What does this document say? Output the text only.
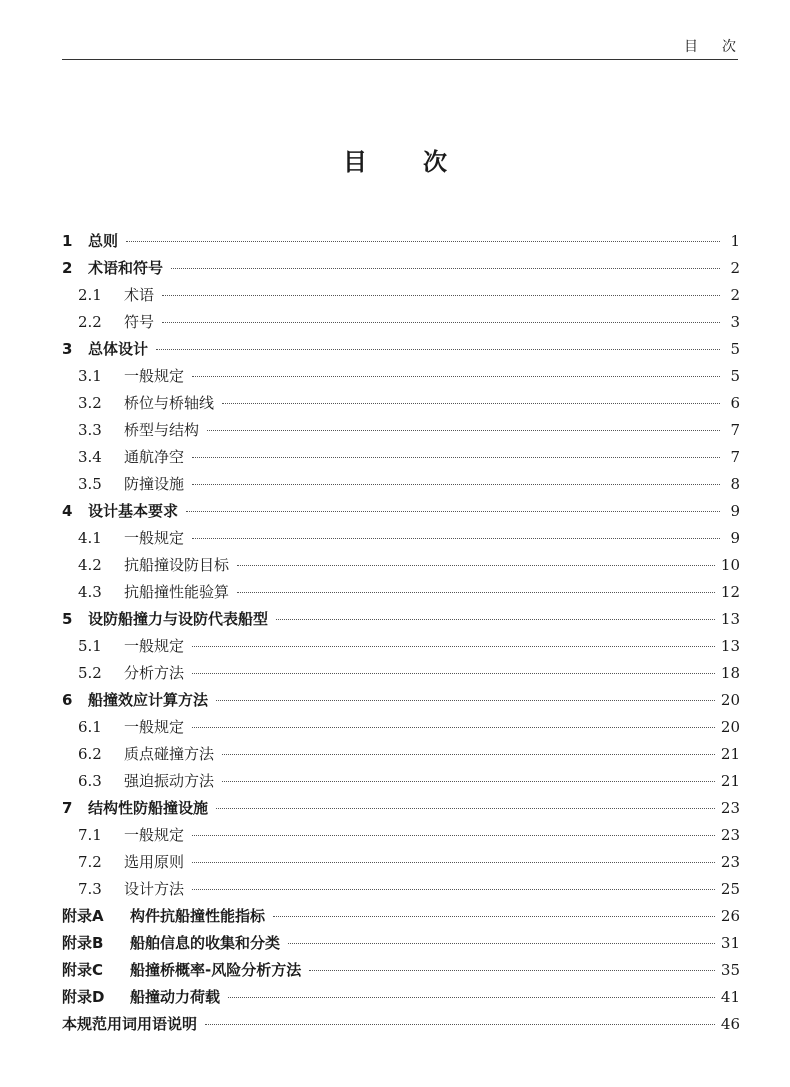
目次
目次
1	总则	1
2	术语和符号	2
2.1	术语	2
2.2	符号	3
3	总体设计	5
3.1	一般规定	5
3.2	桥位与桥轴线	6
3.3	桥型与结构	7
3.4	通航净空	7
3.5	防撞设施	8
4	设计基本要求	9
4.1	一般规定	9
4.2	抗船撞设防目标	10
4.3	抗船撞性能验算	12
5	设防船撞力与设防代表船型	13
5.1	一般规定	13
5.2	分析方法	18
6	船撞效应计算方法	20
6.1	一般规定	20
6.2	质点碰撞方法	21
6.3	强迫振动方法	21
7	结构性防船撞设施	23
7.1	一般规定	23
7.2	选用原则	23
7.3	设计方法	25
附录A	构件抗船撞性能指标	26
附录B	船舶信息的收集和分类	31
附录C	船撞桥概率-风险分析方法	35
附录D	船撞动力荷载	41
本规范用词用语说明	46
